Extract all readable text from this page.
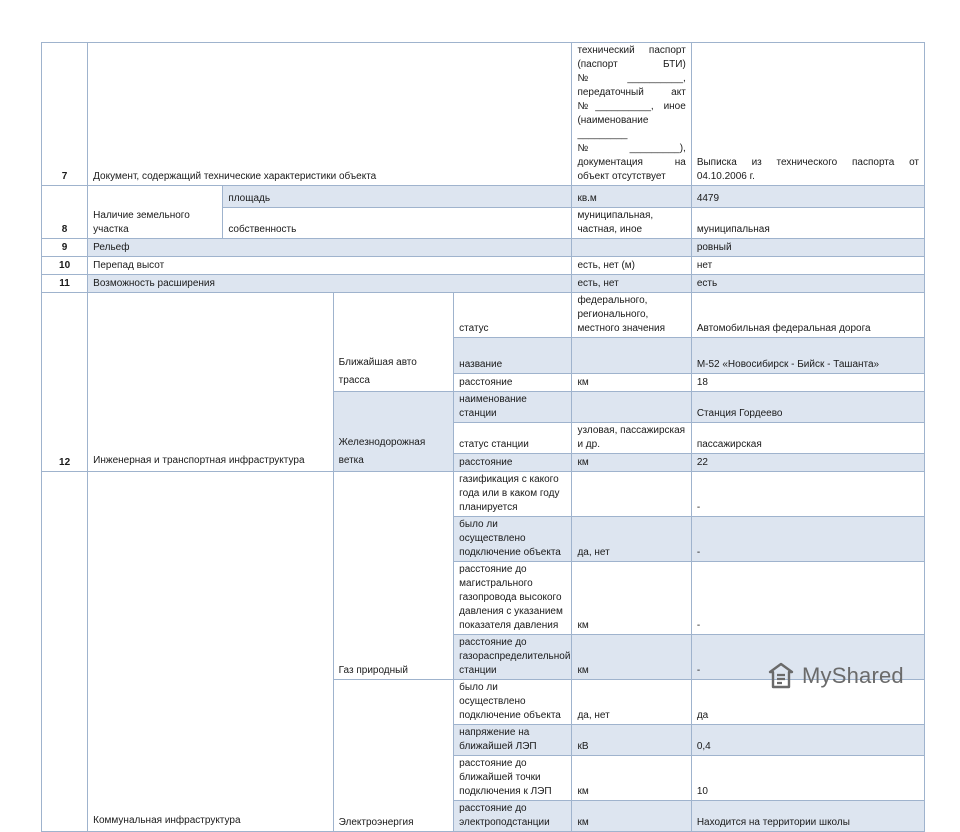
7	Документ, содержащий технические характеристики объекта				технический паспорт (паспорт БТИ) №__________, передаточный акт №__________, иное (наименование _________ №_________), документация на объект отсутствует	Выписка из технического паспорта от 04.10.2006 г.
8	Наличие земельного участка	площадь			кв.м	4479
		собственность			муниципальная, частная, иное	муниципальная
9	Рельеф					ровный
10	Перепад высот				есть, нет (м)	нет
11	Возможность расширения				есть, нет	есть
12	Инженерная и транспортная инфраструктура		Ближайшая авто трасса	статус	федерального, регионального, местного значения	Автомобильная федеральная дорога
				название		М-52 «Новосибирск - Бийск - Ташанта»
				расстояние	км	18
			Железнодорожная ветка	наименование станции		Станция Гордеево
				статус станции	узловая, пассажирская и др.	пассажирская
				расстояние	км	22
	Коммунальная инфраструктура		Газ природный	газификация с какого года или в каком году планируется		-
				было ли осуществлено подключение объекта	да, нет	-
				расстояние до магистрального газопровода высокого давления с указанием показателя давления	км	-
				расстояние до газораспределительной станции	км	-
			Электроэнергия	было ли осуществлено подключение объекта	да, нет	да
				напряжение на ближайшей ЛЭП	кВ	0,4
				расстояние до ближайшей точки подключения к ЛЭП	км	10
				расстояние до электроподстанции	км	Находится на территории школы
MyShared
